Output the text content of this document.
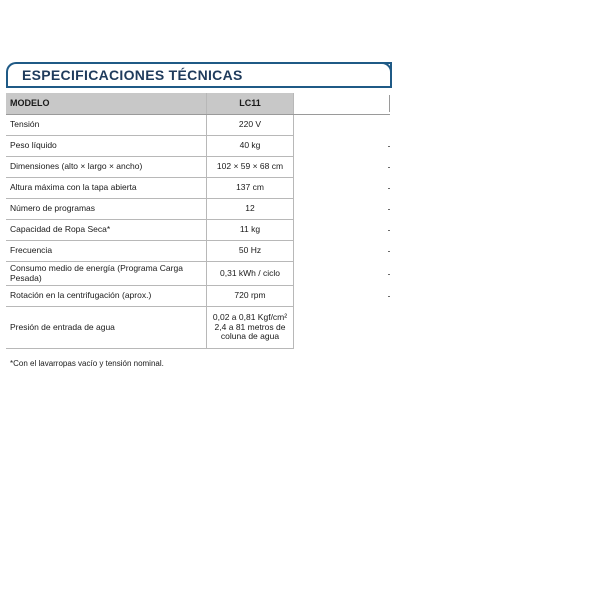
ESPECIFICACIONES TÉCNICAS
MODELO	LC11	

Tensión	220 V	
Peso líquido	40 kg	

Dimensiones (alto × largo × ancho)	102 × 59 × 68 cm	

Altura máxima con la tapa abierta	137 cm	

Número de programas	12	

Capacidad de Ropa Seca*	11 kg	

Frecuencia	50 Hz	

Consumo medio de energía (Programa Carga Pesada)	0,31 kWh / ciclo	

Rotación en la centrifugación (aprox.)	720 rpm	

Presión de entrada de agua	0,02 a 0,81 Kgf/cm²
2,4 a 81 metros de
coluna de agua	

*Con el lavarropas vacío y tensión nominal.
